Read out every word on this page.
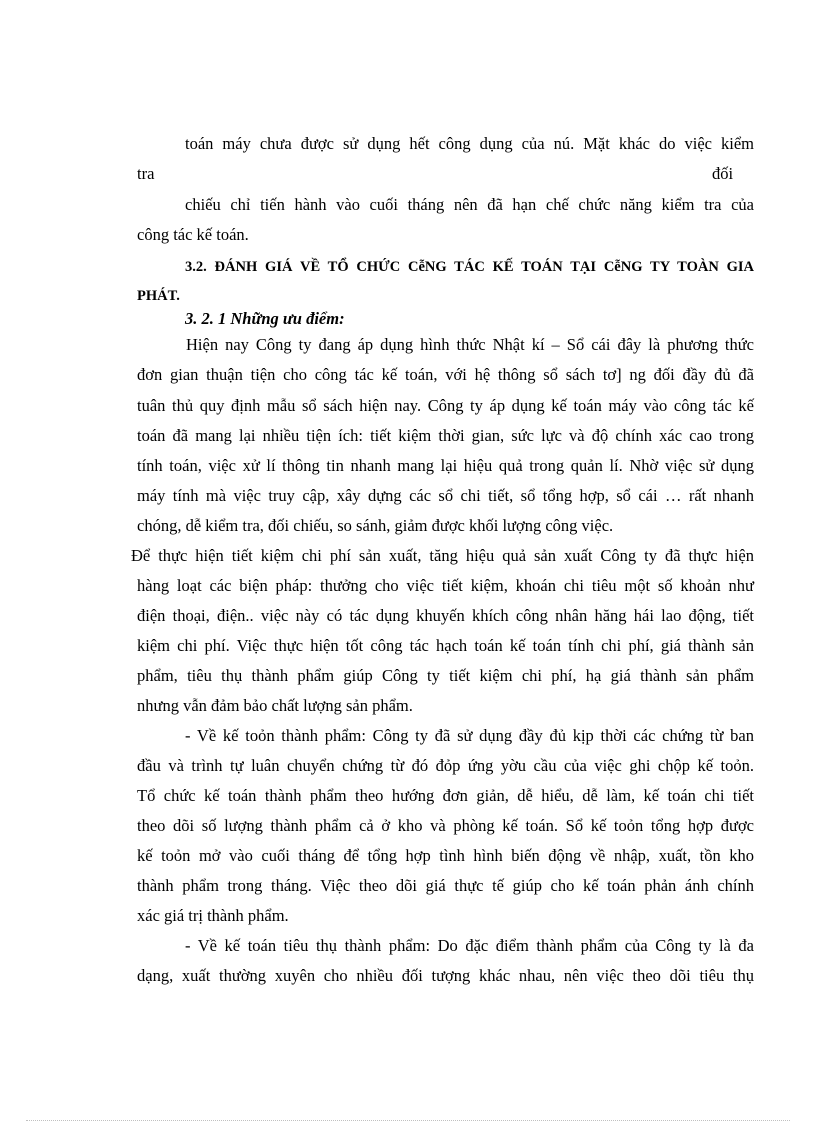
toán máy chưa được sử dụng hết công dụng của nú. Mặt khác do việc kiểm
tra	đối
chiếu chỉ tiến hành vào cuối tháng nên đã hạn chế chức năng kiểm tra của
công tác kế toán.
3.2. ĐÁNH GIÁ VỀ TỔ CHỨC CễNG TÁC KẾ TOÁN TẠI CễNG TY TOÀN GIA
PHÁT.
3. 2. 1 Những ưu điểm:
Hiện nay Công ty đang áp dụng hình thức Nhật kí – Sổ cái đây là phương thức
đơn gian thuận tiện cho công tác kế toán, với hệ thông sổ sách tơ] ng đối đầy đủ đã
tuân thủ quy định mẫu sổ sách hiện nay. Công ty áp dụng kế toán máy vào công tác kế
toán đã mang lại nhiều tiện ích: tiết kiệm thời gian, sức lực và độ chính xác cao trong
tính toán, việc xử lí thông tin nhanh mang lại hiệu quả trong quản lí. Nhờ việc sử dụng
máy tính mà việc truy cập, xây dựng các sổ chi tiết, sổ tổng hợp, sổ cái … rất nhanh
chóng, dễ kiểm tra, đối chiếu, so sánh, giảm được khối lượng công việc.
Để thực hiện tiết kiệm chi phí sản xuất, tăng hiệu quả sản xuất Công ty đã thực hiện
hàng loạt các biện pháp: thưởng cho việc tiết kiệm, khoán chi tiêu một số khoản như
điện thoại, điện.. việc này có tác dụng khuyến khích công nhân hăng hái lao động, tiết
kiệm chi phí. Việc thực hiện tốt công tác hạch toán kế toán tính chi phí, giá thành sản
phẩm, tiêu thụ thành phẩm giúp Công ty tiết kiệm chi phí, hạ giá thành sản phẩm
nhưng vẫn đảm bảo chất lượng sản phẩm.
- Về kế toỏn thành phẩm: Công ty đã sử dụng đầy đủ kịp thời các chứng từ ban
đầu và trình tự luân chuyển chứng từ đó đỏp ứng yờu cầu của việc ghi chộp kế toỏn.
Tổ chức kế toán thành phẩm theo hướng đơn giản, dễ hiểu, dễ làm, kế toán chi tiết
theo dõi số lượng thành phẩm cả ở kho và phòng kế toán. Sổ kế toỏn tổng hợp được
kế toỏn mở vào cuối tháng để tổng hợp tình hình biến động về nhập, xuất, tồn kho
thành phẩm trong tháng. Việc theo dõi giá thực tế giúp cho kế toán phản ánh chính
xác giá trị thành phẩm.
- Về kế toán tiêu thụ thành phẩm: Do đặc điểm thành phẩm của Công ty là đa
dạng, xuất thường xuyên cho nhiều đối tượng khác nhau, nên việc theo dõi tiêu thụ
